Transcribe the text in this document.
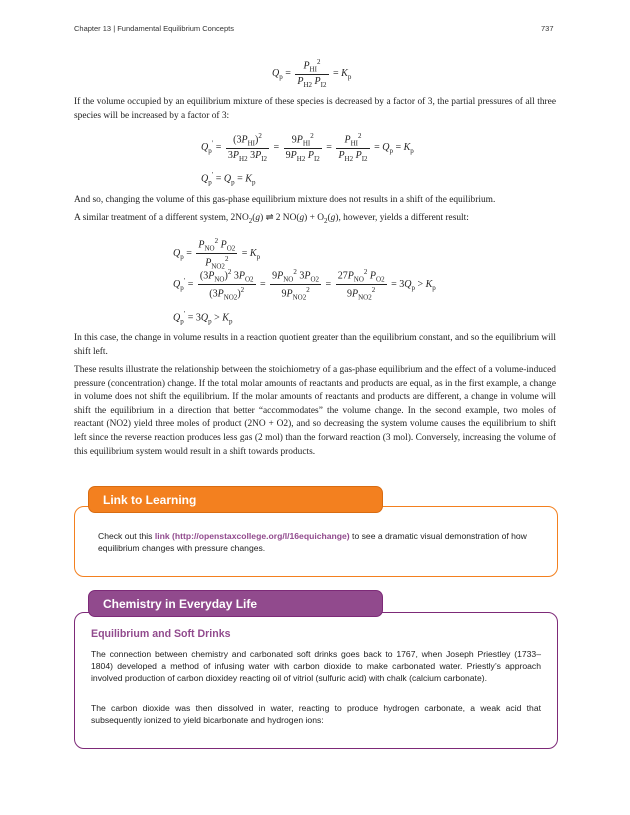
Chapter 13 | Fundamental Equilibrium Concepts	737
$Q_p = \frac{P_{HI}^2}{P_{H2} P_{I2}} = K_p$
If the volume occupied by an equilibrium mixture of these species is decreased by a factor of 3, the partial pressures of all three species will be increased by a factor of 3:
$Q_p' = \frac{(3P_{HI})^2}{3P_{H2} 3P_{I2}} = \frac{9P_{HI}^2}{9P_{H2} P_{I2}} = \frac{P_{HI}^2}{P_{H2} P_{I2}} = Q_p = K_p$
$Q_p' = Q_p = K_p$
And so, changing the volume of this gas-phase equilibrium mixture does not results in a shift of the equilibrium.
A similar treatment of a different system, $2NO_2(g)$ ⇌ 2 $NO(g) + O_2(g)$, however, yields a different result:
$Q_p = \frac{P_{NO}^2 P_{O2}}{P_{NO2}^2} = K_p$
$Q_p' = \frac{(3P_{NO})^2 3P_{O2}}{(3P_{NO2})^2} = \frac{9P_{NO}^2 3P_{O2}}{9P_{NO2}^2} = \frac{27P_{NO}^2 P_{O2}}{9P_{NO2}^2} = 3Q_p > K_p$
$Q_p' = 3Q_p > K_p$
In this case, the change in volume results in a reaction quotient greater than the equilibrium constant, and so the equilibrium will shift left.
These results illustrate the relationship between the stoichiometry of a gas-phase equilibrium and the effect of a volume-induced pressure (concentration) change. If the total molar amounts of reactants and products are equal, as in the first example, a change in volume does not shift the equilibrium. If the molar amounts of reactants and products are different, a change in volume will shift the equilibrium in a direction that better “accommodates” the volume change. In the second example, two moles of reactant (NO2) yield three moles of product (2NO + O2), and so decreasing the system volume causes the equilibrium to shift left since the reverse reaction produces less gas (2 mol) than the forward reaction (3 mol). Conversely, increasing the volume of this equilibrium system would result in a shift towards products.
Link to Learning
Check out this link (http://openstaxcollege.org/l/16equichange) to see a dramatic visual demonstration of how equilibrium changes with pressure changes.
Chemistry in Everyday Life
Equilibrium and Soft Drinks
The connection between chemistry and carbonated soft drinks goes back to 1767, when Joseph Priestley (1733–1804) developed a method of infusing water with carbon dioxide to make carbonated water. Priestly’s approach involved production of carbon dioxidey reacting oil of vitriol (sulfuric acid) with chalk (calcium carbonate).
The carbon dioxide was then dissolved in water, reacting to produce hydrogen carbonate, a weak acid that subsequently ionized to yield bicarbonate and hydrogen ions:
